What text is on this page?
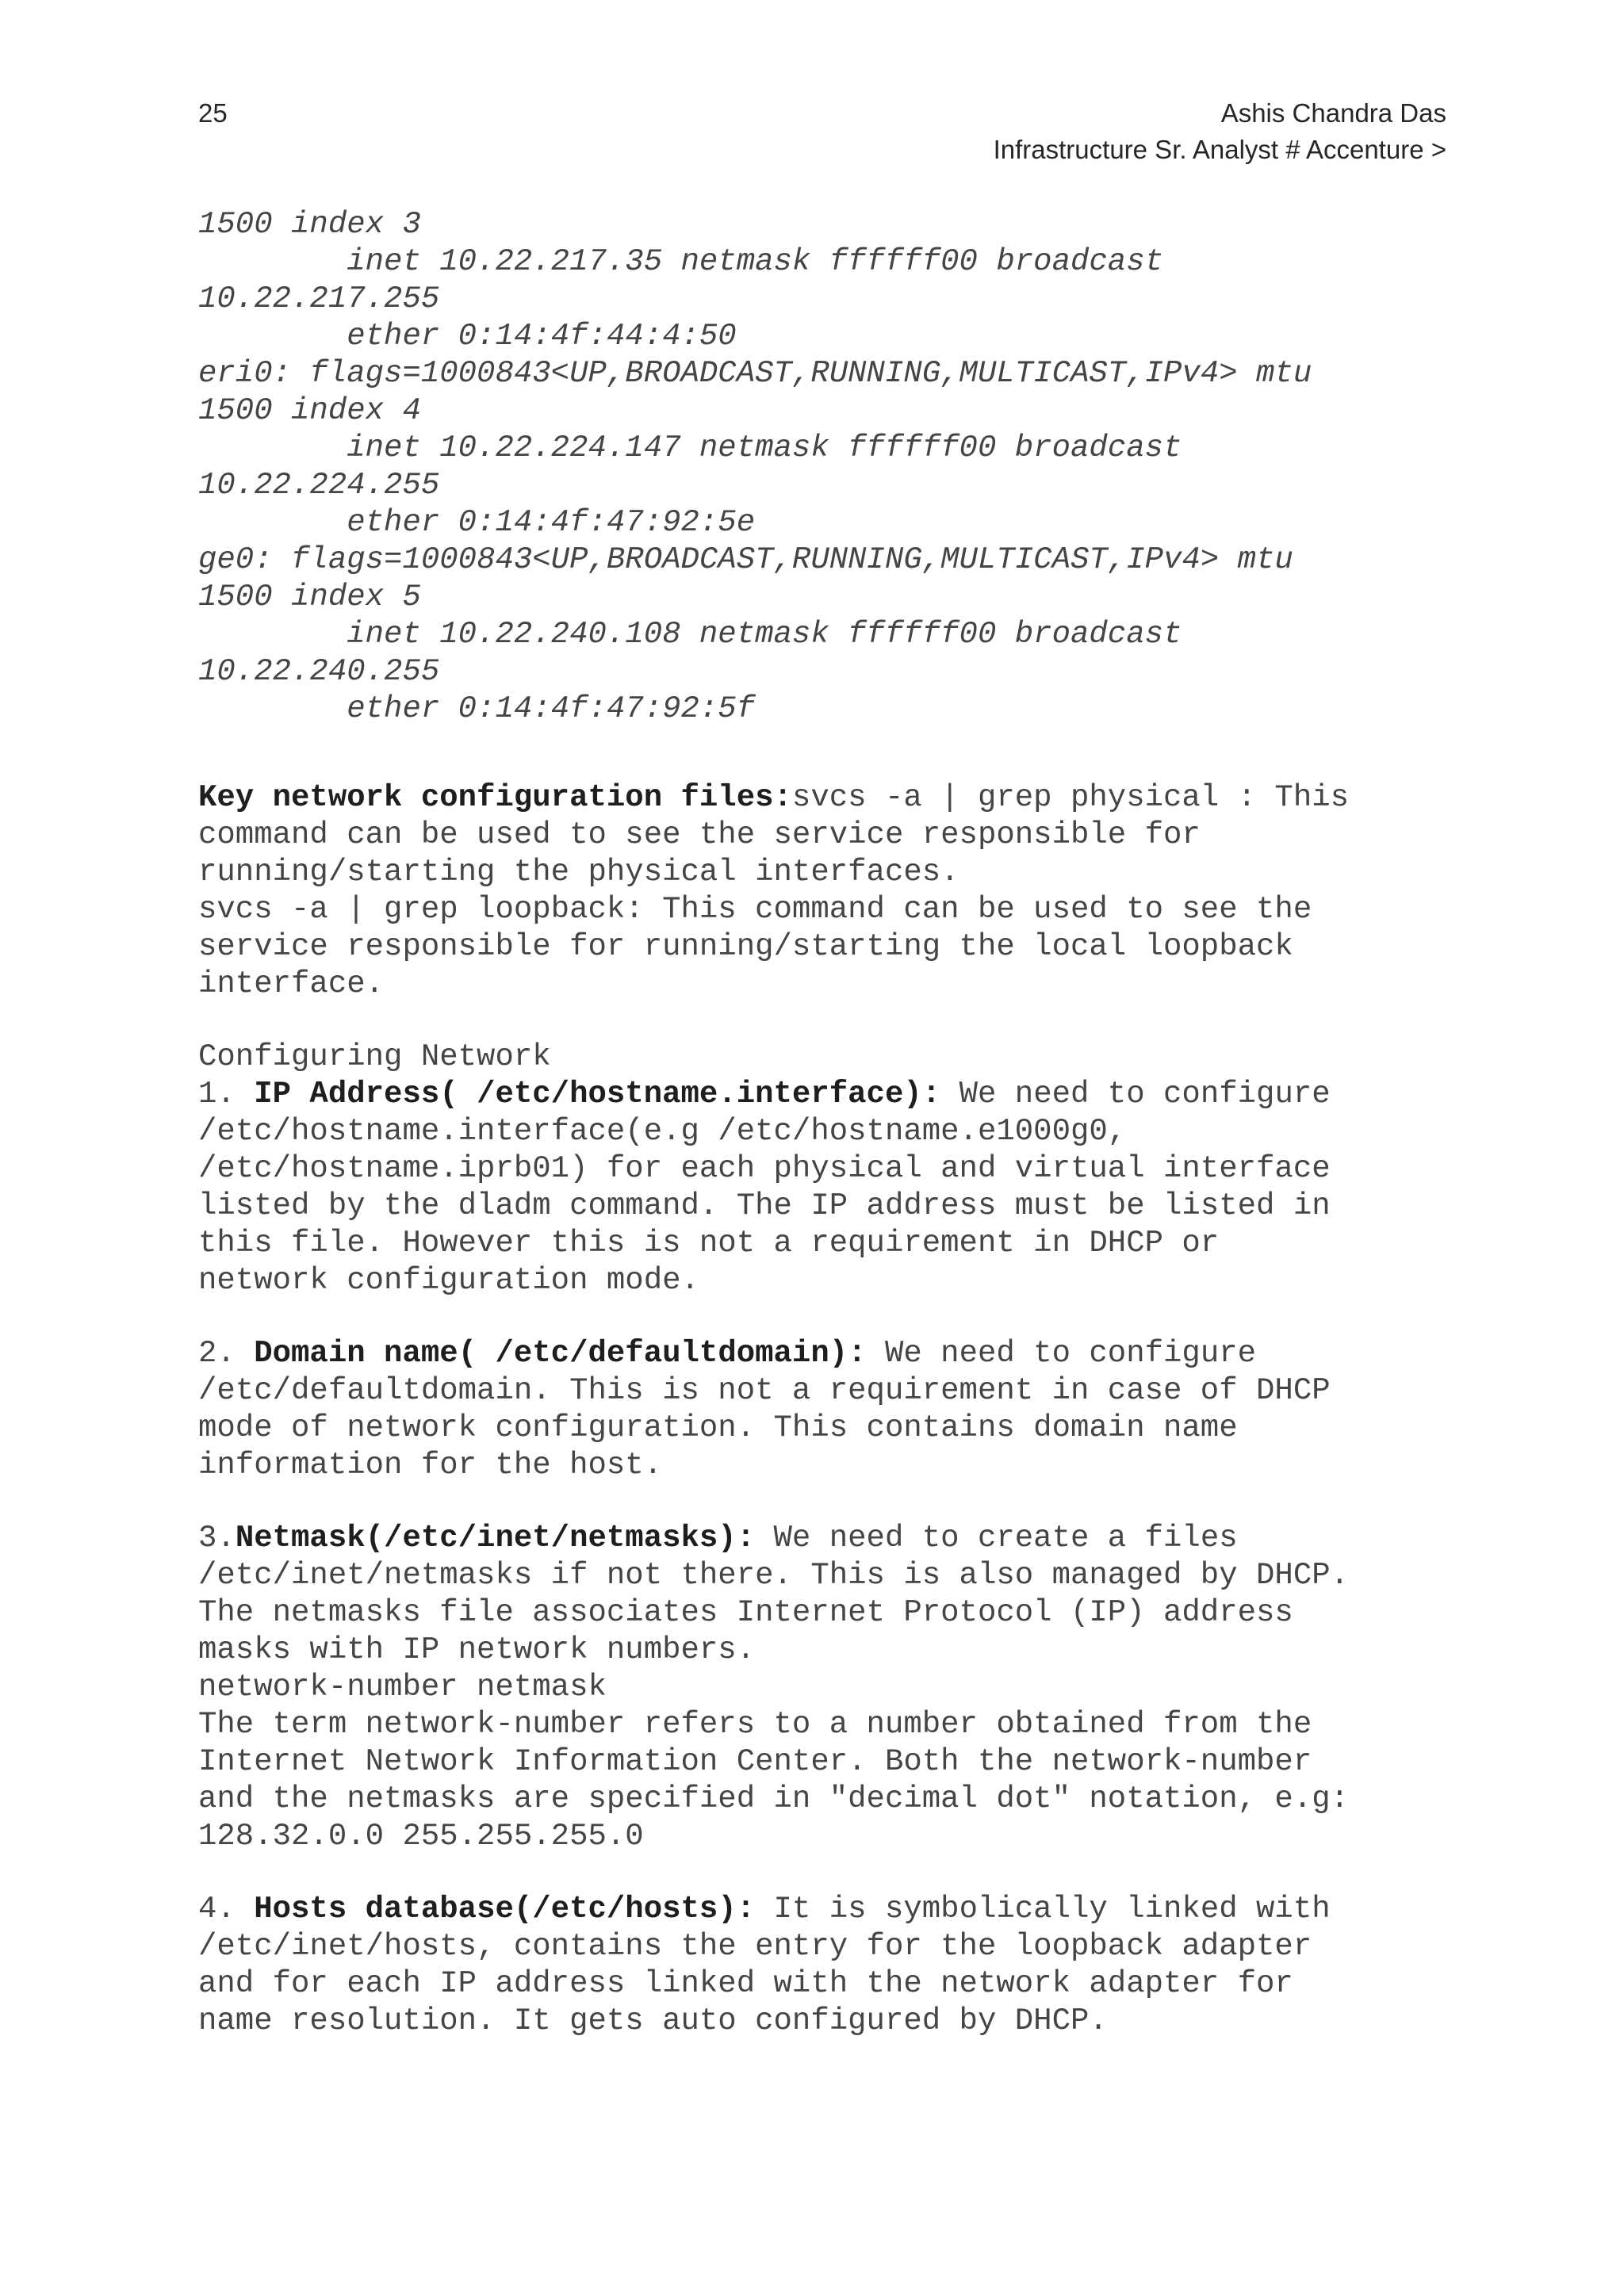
25	Ashis Chandra Das
Infrastructure Sr. Analyst # Accenture >
1500 index 3
inet 10.22.217.35 netmask ffffff00 broadcast
10.22.217.255
ether 0:14:4f:44:4:50
eri0: flags=1000843<UP,BROADCAST,RUNNING,MULTICAST,IPv4> mtu
1500 index 4
inet 10.22.224.147 netmask ffffff00 broadcast
10.22.224.255
ether 0:14:4f:47:92:5e
ge0: flags=1000843<UP,BROADCAST,RUNNING,MULTICAST,IPv4> mtu
1500 index 5
inet 10.22.240.108 netmask ffffff00 broadcast
10.22.240.255
ether 0:14:4f:47:92:5f
Key network configuration files:svcs -a | grep physical : This
command can be used to see the service responsible for
running/starting the physical interfaces.
svcs -a | grep loopback: This command can be used to see the
service responsible for running/starting the local loopback
interface.
Configuring Network
1. IP Address( /etc/hostname.interface): We need to configure
/etc/hostname.interface(e.g /etc/hostname.e1000g0,
/etc/hostname.iprb01) for each physical and virtual interface
listed by the dladm command. The IP address must be listed in
this file. However this is not a requirement in DHCP or
network configuration mode.
2. Domain name( /etc/defaultdomain): We need to configure
/etc/defaultdomain. This is not a requirement in case of DHCP
mode of network configuration. This contains domain name
information for the host.
3.Netmask(/etc/inet/netmasks): We need to create a files
/etc/inet/netmasks if not there. This is also managed by DHCP.
The netmasks file associates Internet Protocol (IP) address
masks with IP network numbers.
network-number netmask
The term network-number refers to a number obtained from the
Internet Network Information Center. Both the network-number
and the netmasks are specified in "decimal dot" notation, e.g:
128.32.0.0 255.255.255.0
4. Hosts database(/etc/hosts): It is symbolically linked with
/etc/inet/hosts, contains the entry for the loopback adapter
and for each IP address linked with the network adapter for
name resolution. It gets auto configured by DHCP.
